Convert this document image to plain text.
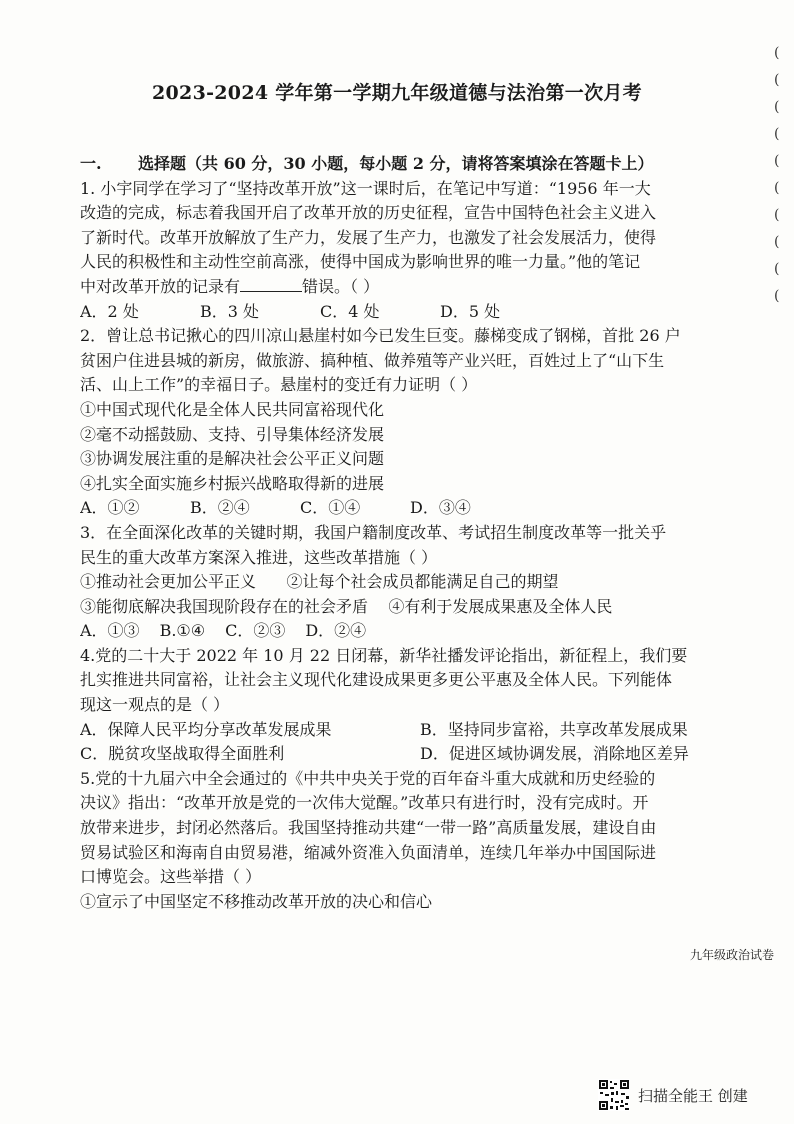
(
(
(
(
(
(
(
(
(
(
2023-2024 学年第一学期九年级道德与法治第一次月考
一. 选择题（共 60 分，30 小题，每小题 2 分，请将答案填涂在答题卡上）
1. 小宇同学在学习了“坚持改革开放”这一课时后，在笔记中写道：“1956 年一大
改造的完成，标志着我国开启了改革开放的历史征程，宣告中国特色社会主义进入
了新时代。改革开放解放了生产力，发展了生产力，也激发了社会发展活力，使得
人民的积极性和主动性空前高涨，使得中国成为影响世界的唯一力量。”他的笔记
中对改革开放的记录有	错误。（ ）
A．2 处	B．3 处	C．4 处	D．5 处
2．曾让总书记揪心的四川凉山悬崖村如今已发生巨变。藤梯变成了钢梯，首批 26 户
贫困户住进县城的新房，做旅游、搞种植、做养殖等产业兴旺，百姓过上了“山下生
活、山上工作”的幸福日子。悬崖村的变迁有力证明（ ）
①中国式现代化是全体人民共同富裕现代化
②毫不动摇鼓励、支持、引导集体经济发展
③协调发展注重的是解决社会公平正义问题
④扎实全面实施乡村振兴战略取得新的进展
A．①②	B．②④	C．①④	D．③④
3．在全面深化改革的关键时期，我国户籍制度改革、考试招生制度改革等一批关乎
民生的重大改革方案深入推进，这些改革措施（ ）
①推动社会更加公平正义      ②让每个社会成员都能满足自己的期望
③能彻底解决我国现阶段存在的社会矛盾    ④有利于发展成果惠及全体人民
A．①③ B.①④ C．②③ D．②④
4.党的二十大于 2022 年 10 月 22 日闭幕，新华社播发评论指出，新征程上，我们要
扎实推进共同富裕，让社会主义现代化建设成果更多更公平惠及全体人民。下列能体
现这一观点的是（ ）
A．保障人民平均分享改革发展成果	B．坚持同步富裕，共享改革发展成果
C．脱贫攻坚战取得全面胜利	D．促进区域协调发展，消除地区差异
5.党的十九届六中全会通过的《中共中央关于党的百年奋斗重大成就和历史经验的
决议》指出：“改革开放是党的一次伟大觉醒。”改革只有进行时，没有完成时。开
放带来进步，封闭必然落后。我国坚持推动共建“一带一路”高质量发展，建设自由
贸易试验区和海南自由贸易港，缩减外资准入负面清单，连续几年举办中国国际进
口博览会。这些举措（ ）
①宣示了中国坚定不移推动改革开放的决心和信心
九年级政治试卷
扫描全能王 创建
